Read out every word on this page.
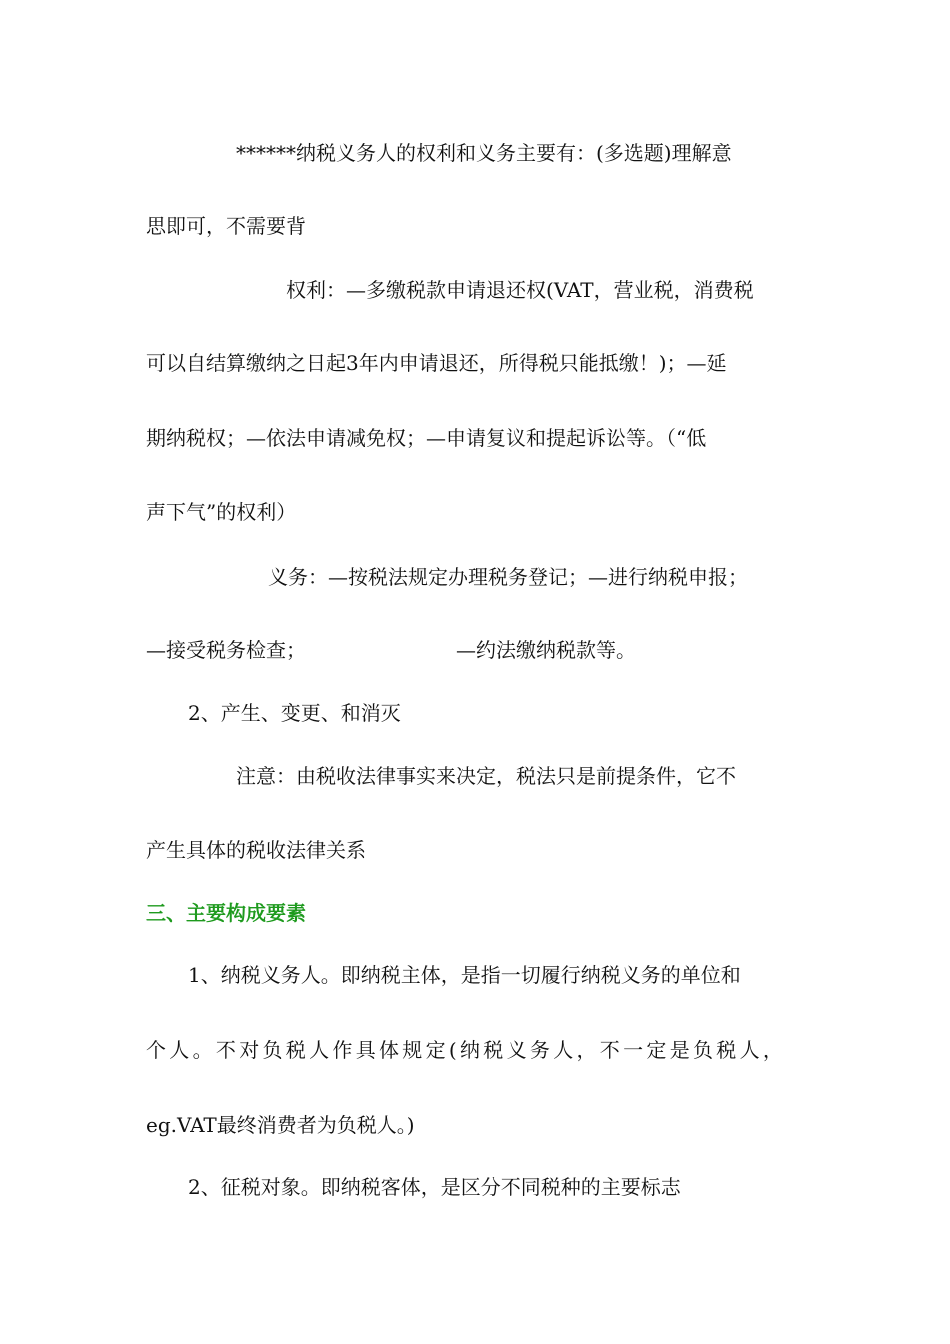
******纳税义务人的权利和义务主要有：(多选题)理解意
思即可，不需要背
权利：—多缴税款申请退还权(VAT，营业税，消费税
可以自结算缴纳之日起3年内申请退还，所得税只能抵缴！)；—延
期纳税权；—依法申请减免权；—申请复议和提起诉讼等。（“低
声下气”的权利）
义务：—按税法规定办理税务登记；—进行纳税申报；
—接受税务检查；	—约法缴纳税款等。
2、产生、变更、和消灭
注意：由税收法律事实来决定，税法只是前提条件，它不
产生具体的税收法律关系
三、主要构成要素
1、纳税义务人。即纳税主体，是指一切履行纳税义务的单位和
个人。不对负税人作具体规定(纳税义务人，不一定是负税人，
eg.VAT最终消费者为负税人。)
2、征税对象。即纳税客体，是区分不同税种的主要标志
